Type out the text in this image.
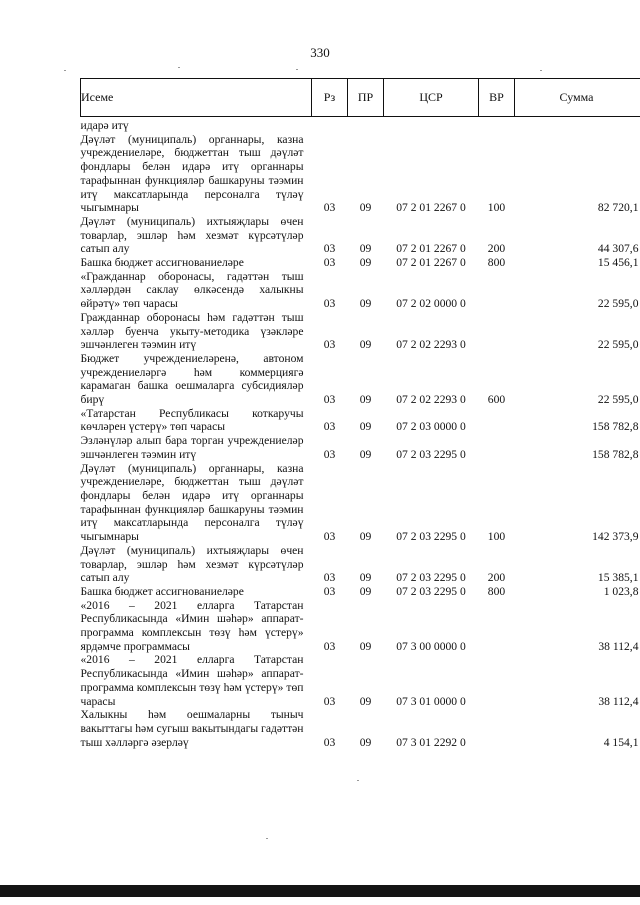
330
Исеме	Рз	ПР	ЦСР	ВР	Сумма
идарә итү					
Дәүләт (муниципаль) органнары, казна учреждениеләре, бюджеттан тыш дәүләт фондлары белән идарә итү органнары тарафыннан функцияләр башкаруны тәэмин итү максатларында персоналга түләү чыгымнары	03	09	07 2 01 2267 0	100	82 720,1
Дәүләт (муниципаль) ихтыяҗлары өчен товарлар, эшләр һәм хезмәт күрсәтүләр сатып алу	03	09	07 2 01 2267 0	200	44 307,6
Башка бюджет ассигнованиеләре	03	09	07 2 01 2267 0	800	15 456,1
«Гражданнар оборонасы, гадәттән тыш хәлләрдән саклау өлкәсендә халыкны өйрәтү» төп чарасы	03	09	07 2 02 0000 0		22 595,0
Гражданнар оборонасы һәм гадәттән тыш хәлләр буенча укыту-методика үзәкләре эшчәнлеген тәэмин итү	03	09	07 2 02 2293 0		22 595,0
Бюджет учреждениеләренә, автоном учреждениеләргә һәм коммерциягә карамаган башка оешмаларга субсидияләр бирү	03	09	07 2 02 2293 0	600	22 595,0
«Татарстан Республикасы коткаручы көчләрен үстерү» төп чарасы	03	09	07 2 03 0000 0		158 782,8
Эзләнүләр алып бара торган учреждениеләр эшчәнлеген тәэмин итү	03	09	07 2 03 2295 0		158 782,8
Дәүләт (муниципаль) органнары, казна учреждениеләре, бюджеттан тыш дәүләт фондлары белән идарә итү органнары тарафыннан функцияләр башкаруны тәэмин итү максатларында персоналга түләү чыгымнары	03	09	07 2 03 2295 0	100	142 373,9
Дәүләт (муниципаль) ихтыяҗлары өчен товарлар, эшләр һәм хезмәт күрсәтүләр сатып алу	03	09	07 2 03 2295 0	200	15 385,1
Башка бюджет ассигнованиеләре	03	09	07 2 03 2295 0	800	1 023,8
«2016 – 2021 елларга Татарстан Республикасында «Имин шәһәр» аппарат-программа комплексын төзү һәм үстерү» ярдәмче программасы	03	09	07 3 00 0000 0		38 112,4
«2016 – 2021 елларга Татарстан Республикасында «Имин шәһәр» аппарат-программа комплексын төзү һәм үстерү» төп чарасы	03	09	07 3 01 0000 0		38 112,4
Халыкны һәм оешмаларны тыныч вакыттагы һәм сугыш вакытындагы гадәттән тыш хәлләргә әзерләү	03	09	07 3 01 2292 0		4 154,1
